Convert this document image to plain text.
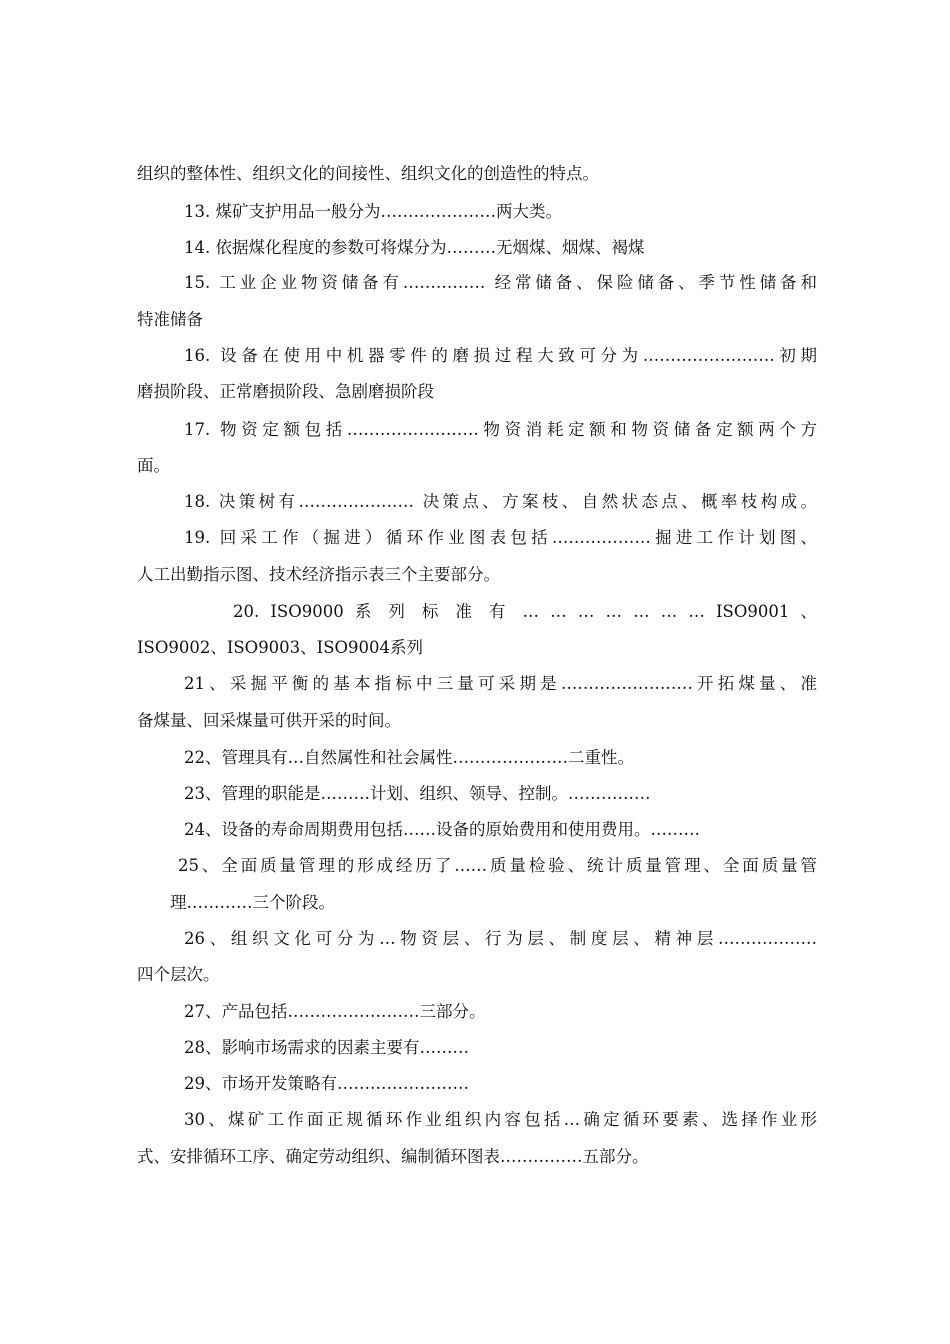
组织的整体性、组织文化的间接性、组织文化的创造性的特点。
13. 煤矿支护用品一般分为…………………两大类。
14. 依据煤化程度的参数可将煤分为………无烟煤、烟煤、褐煤
15. 工业企业物资储备有…………… 经常储备、保险储备、季节性储备和
特准储备
16. 设备在使用中机器零件的磨损过程大致可分为……………………初期
磨损阶段、正常磨损阶段、急剧磨损阶段
17. 物资定额包括……………………物资消耗定额和物资储备定额两个方
面。
18. 决策树有………………… 决策点、方案枝、自然状态点、概率枝构成。
19. 回采工作（掘进）循环作业图表包括………………掘进工作计划图、
人工出勤指示图、技术经济指示表三个主要部分。
20. ISO9000 系 列 标 准 有 … … … … … … … ISO9001 、
ISO9002、ISO9003、ISO9004系列
21、采掘平衡的基本指标中三量可采期是……………………开拓煤量、准
备煤量、回采煤量可供开采的时间。
22、管理具有…自然属性和社会属性…………………二重性。
23、管理的职能是………计划、组织、领导、控制。……………
24、设备的寿命周期费用包括……设备的原始费用和使用费用。………
25、全面质量管理的形成经历了……质量检验、统计质量管理、全面质量管
理…………三个阶段。
26、组织文化可分为…物资层、行为层、制度层、精神层………………
四个层次。
27、产品包括……………………三部分。
28、影响市场需求的因素主要有………
29、市场开发策略有……………………
30、煤矿工作面正规循环作业组织内容包括…确定循环要素、选择作业形
式、安排循环工序、确定劳动组织、编制循环图表……………五部分。
